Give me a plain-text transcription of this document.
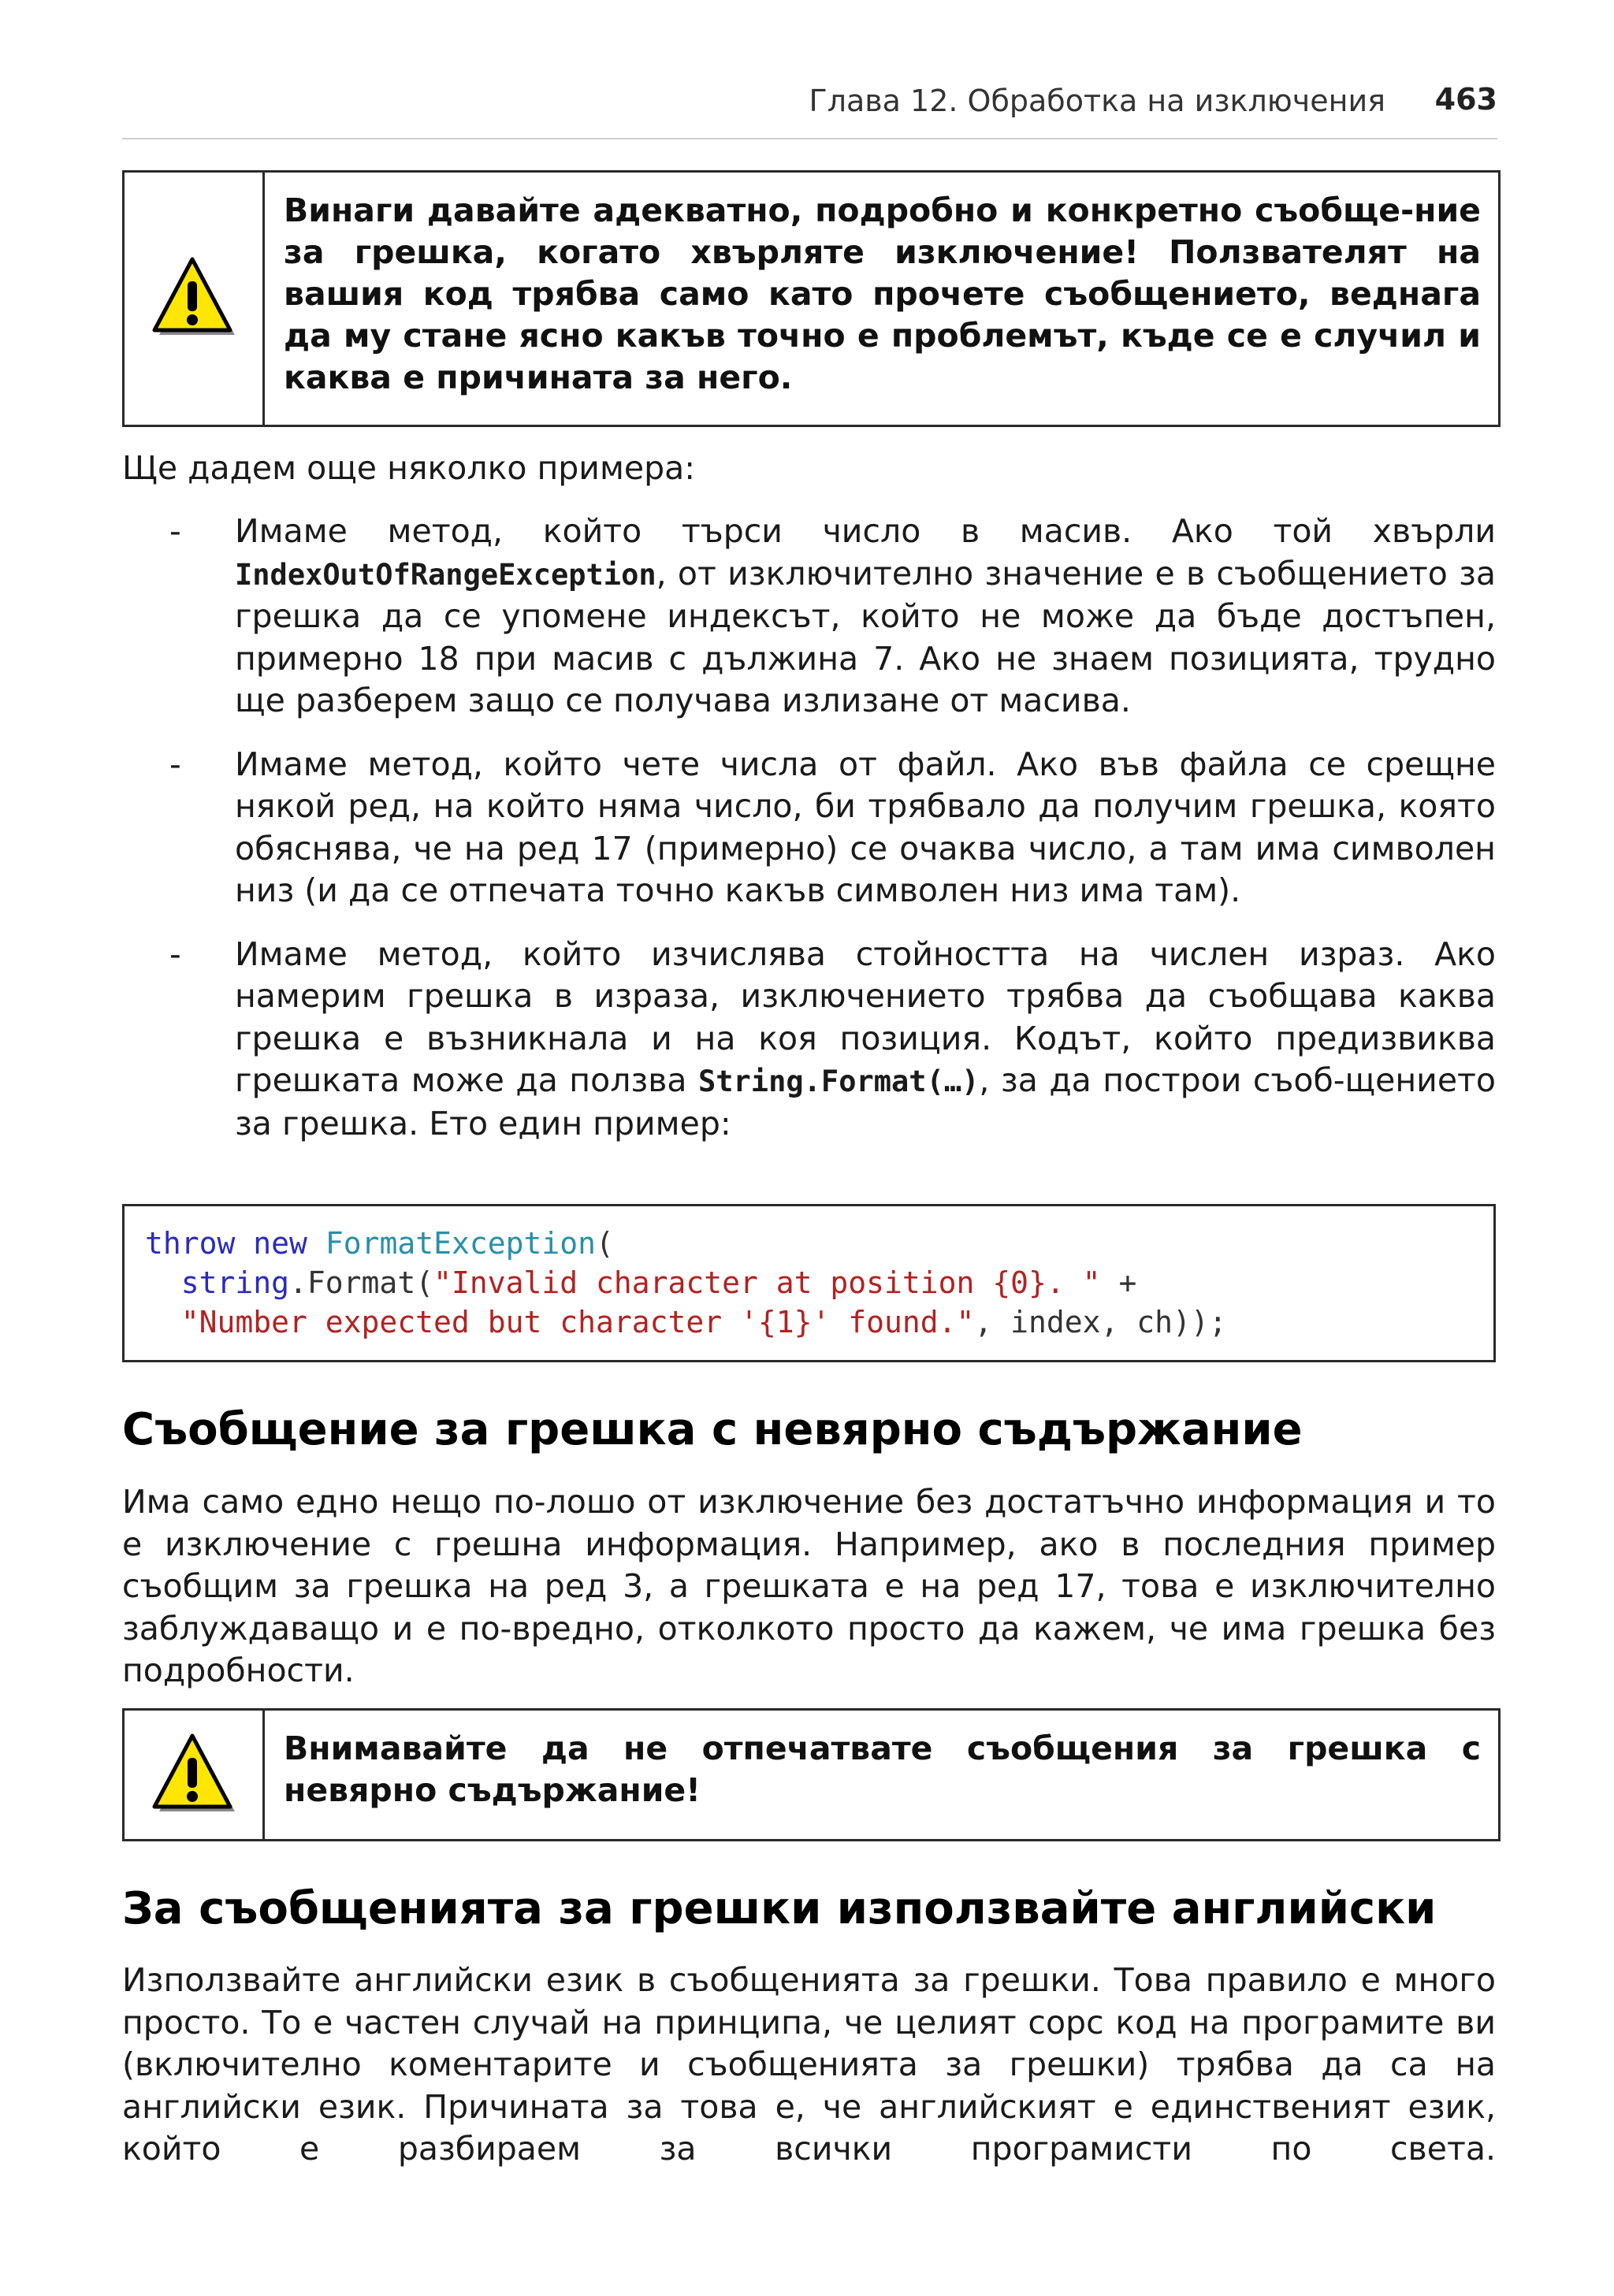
Глава 12. Обработка на изключения 463
Винаги давайте адекватно, подробно и конкретно съобще-ние за грешка, когато хвърляте изключение! Ползвателят на вашия код трябва само като прочете съобщението, веднага да му стане ясно какъв точно е проблемът, къде се е случил и каква е причината за него.
Ще дадем още няколко примера:
- Имаме метод, който търси число в масив. Ако той хвърли IndexOutOfRangeException, от изключително значение е в съобщението за грешка да се упомене индексът, който не може да бъде достъпен, примерно 18 при масив с дължина 7. Ако не знаем позицията, трудно ще разберем защо се получава излизане от масива.
- Имаме метод, който чете числа от файл. Ако във файла се срещне някой ред, на който няма число, би трябвало да получим грешка, която обяснява, че на ред 17 (примерно) се очаква число, а там има символен низ (и да се отпечата точно какъв символен низ има там).
- Имаме метод, който изчислява стойността на числен израз. Ако намерим грешка в израза, изключението трябва да съобщава каква грешка е възникнала и на коя позиция. Кодът, който предизвиква грешката може да ползва String.Format(…), за да построи съоб-щението за грешка. Ето един пример:
throw new FormatException(
string.Format("Invalid character at position {0}. " +
"Number expected but character '{1}' found.", index, ch));
Съобщение за грешка с невярно съдържание
Има само едно нещо по-лошо от изключение без достатъчно информация и то е изключение с грешна информация. Например, ако в последния пример съобщим за грешка на ред 3, а грешката е на ред 17, това е изключително заблуждаващо и е по-вредно, отколкото просто да кажем, че има грешка без подробности.
Внимавайте да не отпечатвате съобщения за грешка с невярно съдържание!
За съобщенията за грешки използвайте английски
Използвайте английски език в съобщенията за грешки. Това правило е много просто. То е частен случай на принципа, че целият сорс код на програмите ви (включително коментарите и съобщенията за грешки) трябва да са на английски език. Причината за това е, че английският е единственият език, който е разбираем за всички програмисти по света.
